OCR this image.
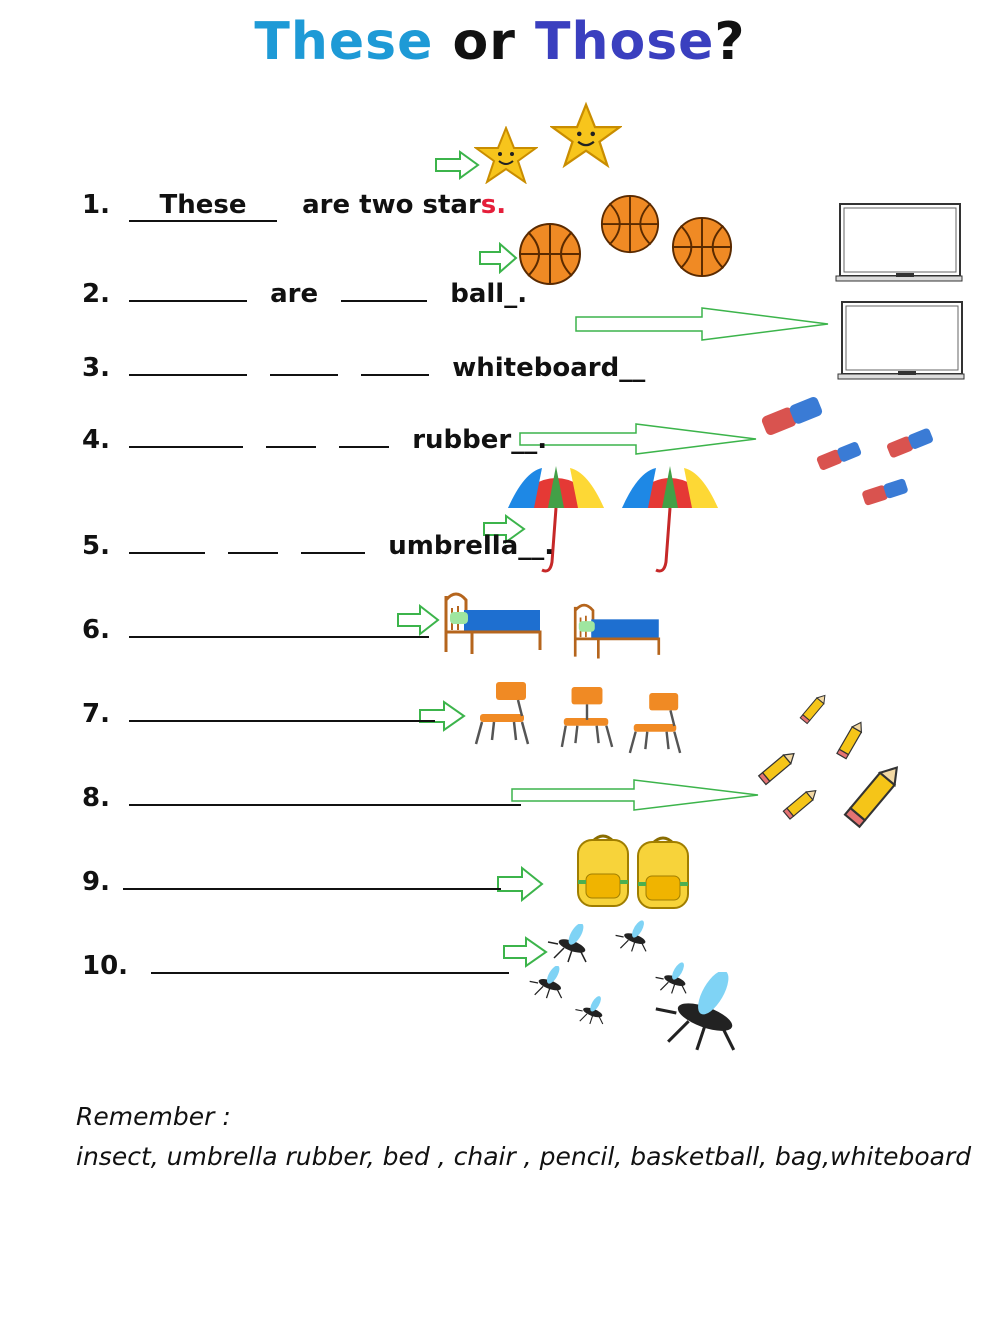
These or Those?
1. These are two stars.
2.	are	ball_.
3.	whiteboard__
4.	rubber__.
5.	umbrella__.
6.
7.
8.
9.
10.
Remember :
insect, umbrella rubber, bed , chair , pencil, basketball, bag,whiteboard
